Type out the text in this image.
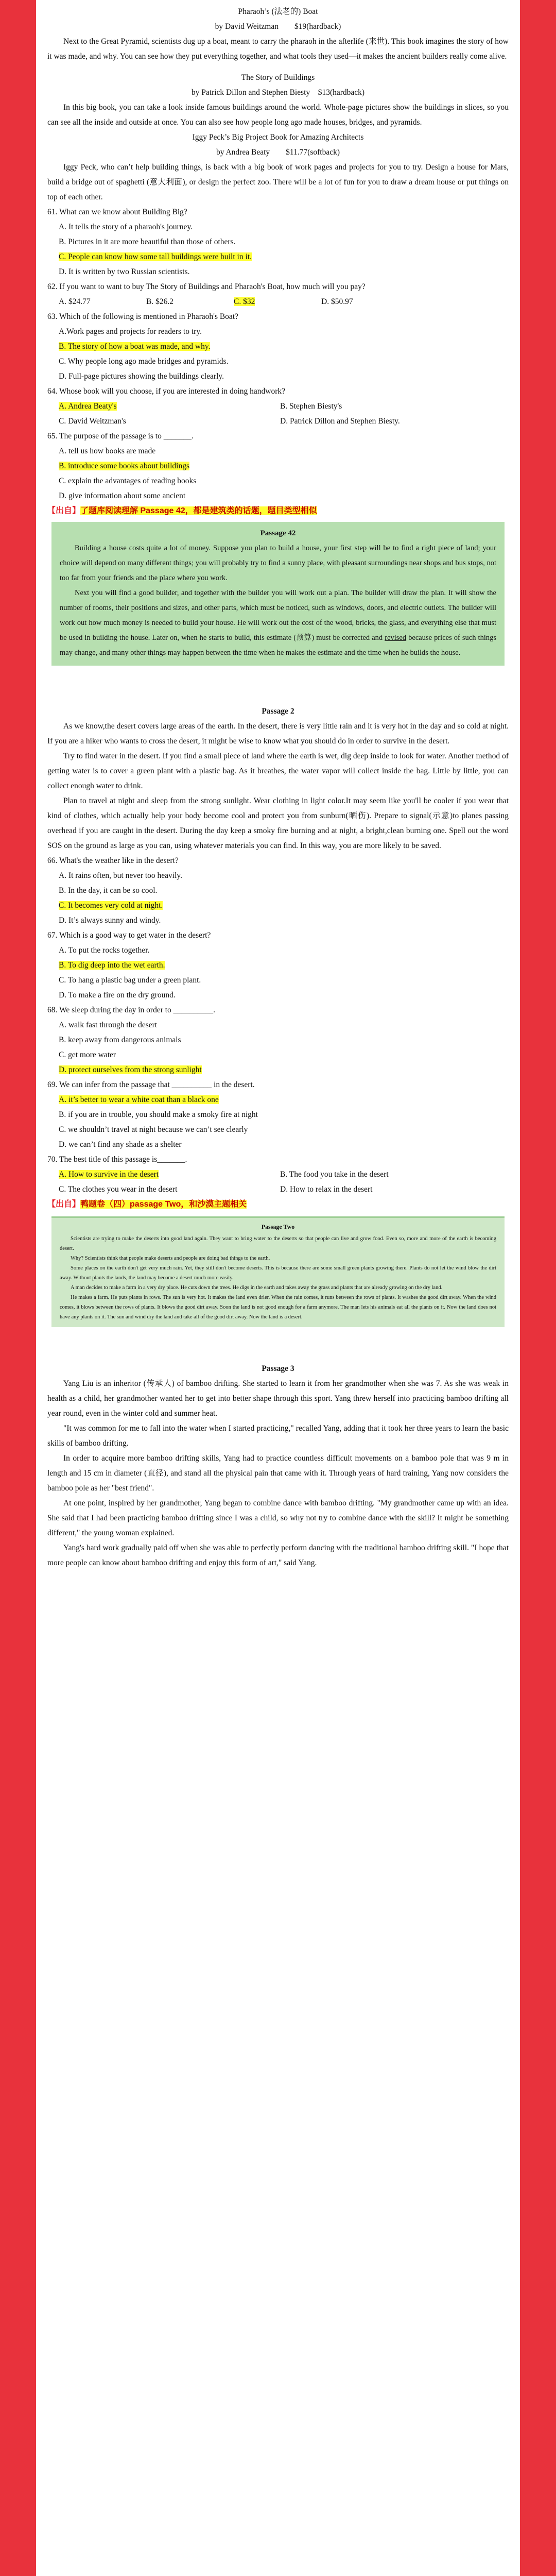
Pharaoh’s (法老的) Boat
by David Weitzman        $19(hardback)
Next to the Great Pyramid, scientists dug up a boat, meant to carry the pharaoh in the afterlife (来世). This book imagines the story of how it was made, and why. You can see how they put everything together, and what tools they used—it makes the ancient builders really come alive.
The Story of Buildings
by Patrick Dillon and Stephen Biesty    $13(hardback)
In this big book, you can take a look inside famous buildings around the world. Whole-page pictures show the buildings in slices, so you can see all the inside and outside at once. You can also see how people long ago made houses, bridges, and pyramids.
Iggy Peck’s Big Project Book for Amazing Architects
by Andrea Beaty        $11.77(softback)
Iggy Peck, who can’t help building things, is back with a big book of work pages and projects for you to try. Design a house for Mars, build a bridge out of spaghetti (意大利面), or design the perfect zoo. There will be a lot of fun for you to draw a dream house or put things on top of each other.

61. What can we know about Building Big?

A. It tells the story of a pharaoh's journey.

B. Pictures in it are more beautiful than those of others.

C. People can know how some tall buildings were built in it.

D. It is written by two Russian scientists.

62. If you want to want to buy The Story of Buildings and Pharaoh's Boat, how much will you pay?

A. $24.77	B. $26.2	C. $32	D. $50.97

63. Which of the following is mentioned in Pharaoh's Boat?

A.Work pages and projects for readers to try.

B. The story of how a boat was made, and why.

C. Why people long ago made bridges and pyramids.

D. Full-page pictures showing the buildings clearly.

64. Whose book will you choose, if you are interested in doing handwork?

A. Andrea Beaty's	B. Stephen Biesty's
C. David Weitzman's	D. Patrick Dillon and Stephen Biesty.

65. The purpose of the passage is to _______.

A. tell us how books are made

B. introduce some books about buildings

C. explain the advantages of reading books

D. give information about some ancient

【出自】了题库阅读理解 Passage 42，都是建筑类的话题，题目类型相似
Passage 42

Building a house costs quite a lot of money. Suppose you plan to build a house, your first step will be to find a right piece of land; your choice will depend on many different things; you will probably try to find a sunny place, with pleasant surroundings near shops and bus stops, not too far from your friends and the place where you work.

Next you will find a good builder, and together with the builder you will work out a plan. The builder will draw the plan. It will show the number of rooms, their positions and sizes, and other parts, which must be noticed, such as windows, doors, and electric outlets. The builder will work out how much money is needed to build your house. He will work out the cost of the wood, bricks, the glass, and everything else that must be used in building the house. Later on, when he starts to build, this estimate (预算) must be corrected and revised because prices of such things may change, and many other things may happen between the time when he makes the estimate and the time when he builds the house.

Passage 2
As we know,the desert covers large areas of the earth. In the desert, there is very little rain and it is very hot in the day and so cold at night. If you are a hiker who wants to cross the desert, it might be wise to know what you should do in order to survive in the desert.
Try to find water in the desert. If you find a small piece of land where the earth is wet, dig deep inside to look for water. Another method of getting water is to cover a green plant with a plastic bag. As it breathes, the water vapor will collect inside the bag. Little by little, you can collect enough water to drink.
Plan to travel at night and sleep from the strong sunlight. Wear clothing in light color.It may seem like you'll be cooler if you wear that kind of clothes, which actually help your body become cool and protect you from sunburn(晒伤). Prepare to signal(示意)to planes passing overhead if you are caught in the desert. During the day keep a smoky fire burning and at night, a bright,clean burning one. Spell out the word SOS on the ground as large as you can, using whatever materials you can find. In this way, you are more likely to be saved.

66. What's the weather like in the desert?

A. It rains often, but never too heavily.

B. In the day, it can be so cool.

C. It becomes very cold at night.

D. It’s always sunny and windy.

67. Which is a good way to get water in the desert?

A. To put the rocks together.

B. To dig deep into the wet earth.

C. To hang a plastic bag under a green plant.

D. To make a fire on the dry ground.

68. We sleep during the day in order to __________.

A. walk fast through the desert

B. keep away from dangerous animals

C. get more water

D. protect ourselves from the strong sunlight

69. We can infer from the passage that __________ in the desert.

A. it’s better to wear a white coat than a black one

B. if you are in trouble, you should make a smoky fire at night

C. we shouldn’t travel at night because we can’t see clearly

D. we can’t find any shade as a shelter

70. The best title of this passage is_______.

A. How to survive in the desert	B. The food you take in the desert
C. The clothes you wear in the desert	D. How to relax in the desert
【出自】鸭题卷（四）passage Two，和沙漠主题相关
Passage Two

Scientists are trying to make the deserts into good land again. They want to bring water to the deserts so that people can live and grow food. Even so, more and more of the earth is becoming desert.

Why? Scientists think that people make deserts and people are doing bad things to the earth.

Some places on the earth don't get very much rain. Yet, they still don't become deserts. This is because there are some small green plants growing there. Plants do not let the wind blow the dirt away. Without plants the lands, the land may become a desert much more easily.

A man decides to make a farm in a very dry place. He cuts down the trees. He digs in the earth and takes away the grass and plants that are already growing on the dry land.

He makes a farm. He puts plants in rows. The sun is very hot. It makes the land even drier. When the rain comes, it runs between the rows of plants. It washes the good dirt away. When the wind comes, it blows between the rows of plants. It blows the good dirt away. Soon the land is not good enough for a farm anymore. The man lets his animals eat all the plants on it. Now the land does not have any plants on it. The sun and wind dry the land and take all of the good dirt away. Now the land is a desert.

Passage 3
Yang Liu is an inheritor (传承人) of bamboo drifting. She started to learn it from her grandmother when she was 7. As she was weak in health as a child, her grandmother wanted her to get into better shape through this sport. Yang threw herself into practicing bamboo drifting all year round, even in the winter cold and summer heat.
"It was common for me to fall into the water when I started practicing," recalled Yang, adding that it took her three years to learn the basic skills of bamboo drifting.
In order to acquire more bamboo drifting skills, Yang had to practice countless difficult movements on a bamboo pole that was 9 m in length and 15 cm in diameter (直径), and stand all the physical pain that came with it. Through years of hard training, Yang now considers the bamboo pole as her "best friend".
At one point, inspired by her grandmother, Yang began to combine dance with bamboo drifting. "My grandmother came up with an idea. She said that I had been practicing bamboo drifting since I was a child, so why not try to combine dance with the skill? It might be something different," the young woman explained.
Yang's hard work gradually paid off when she was able to perfectly perform dancing with the traditional bamboo drifting skill. "I hope that more people can know about bamboo drifting and enjoy this form of art," said Yang.
